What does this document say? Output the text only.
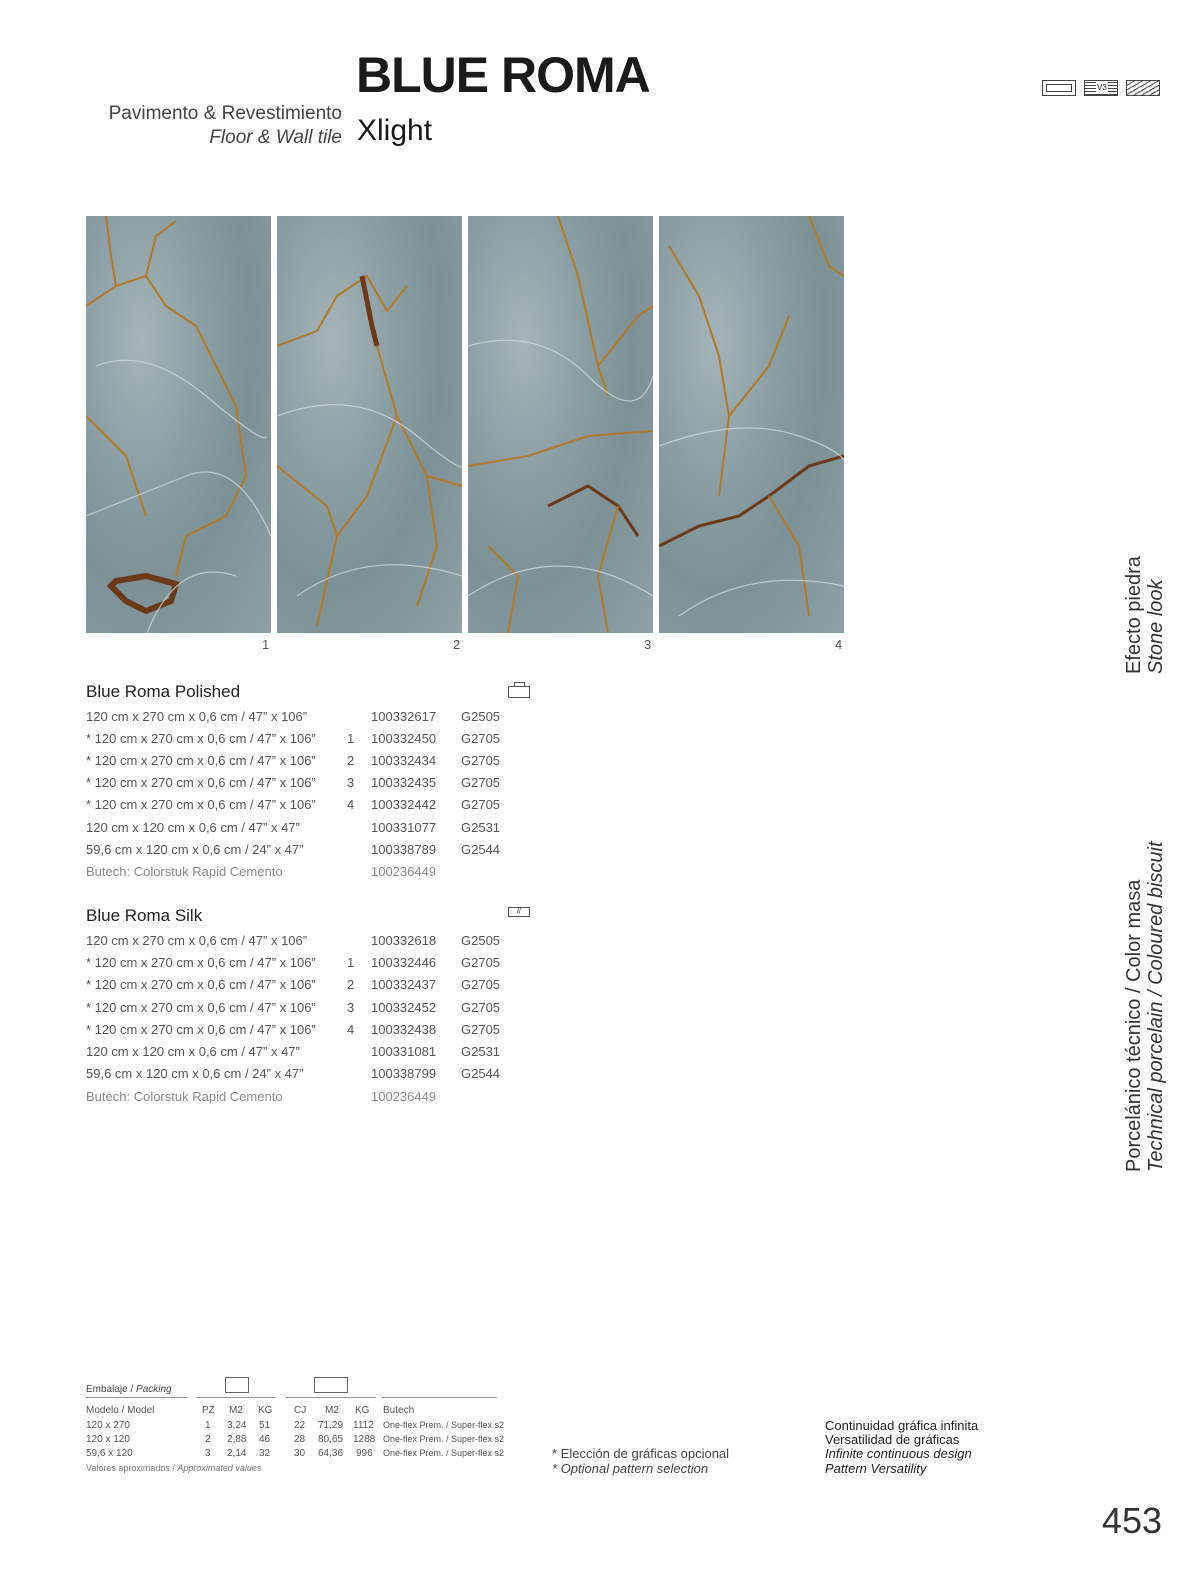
BLUE ROMA
Xlight
Pavimento & Revestimiento
Floor & Wall tile
V3
1	2	3	4
Blue Roma Polished
120 cm x 270 cm x 0,6 cm / 47” x 106”	100332617 G2505
* 120 cm x 270 cm x 0,6 cm / 47” x 106” 1 100332450 G2705
* 120 cm x 270 cm x 0,6 cm / 47” x 106” 2 100332434 G2705
* 120 cm x 270 cm x 0,6 cm / 47” x 106” 3 100332435 G2705
* 120 cm x 270 cm x 0,6 cm / 47” x 106” 4 100332442 G2705
120 cm x 120 cm x 0,6 cm / 47” x 47”	100331077 G2531
59,6 cm x 120 cm x 0,6 cm / 24” x 47”	100338789 G2544
Butech: Colorstuk Rapid Cemento	100236449
Blue Roma Silk	//
120 cm x 270 cm x 0,6 cm / 47” x 106”	100332618 G2505
* 120 cm x 270 cm x 0,6 cm / 47” x 106” 1 100332446 G2705
* 120 cm x 270 cm x 0,6 cm / 47” x 106” 2 100332437 G2705
* 120 cm x 270 cm x 0,6 cm / 47” x 106” 3 100332452 G2705
* 120 cm x 270 cm x 0,6 cm / 47” x 106” 4 100332438 G2705
120 cm x 120 cm x 0,6 cm / 47” x 47”	100331081 G2531
59,6 cm x 120 cm x 0,6 cm / 24” x 47”	100338799 G2544
Butech: Colorstuk Rapid Cemento	100236449
Efecto piedra Stone look
Porcelánico técnico / Color masa Technical porcelain / Coloured biscuit
Embalaje / Packing
Modelo / Model	PZ M2 KG CJ M2 KG Butech
120 x 270	1 3,24 51 22 71,29 1112 One-flex Prem. / Super-flex s2
120 x 120	2 2,88 46 28 80,65 1288 One-flex Prem. / Super-flex s2
59,6 x 120	3 2,14 32 30 64,36 996 One-flex Prem. / Super-flex s2
Valores aproximados / Approximated values
* Elección de gráficas opcional
* Optional pattern selection
Continuidad gráfica infinita
Versatilidad de gráficas
Infinite continuous design
Pattern Versatility
453
